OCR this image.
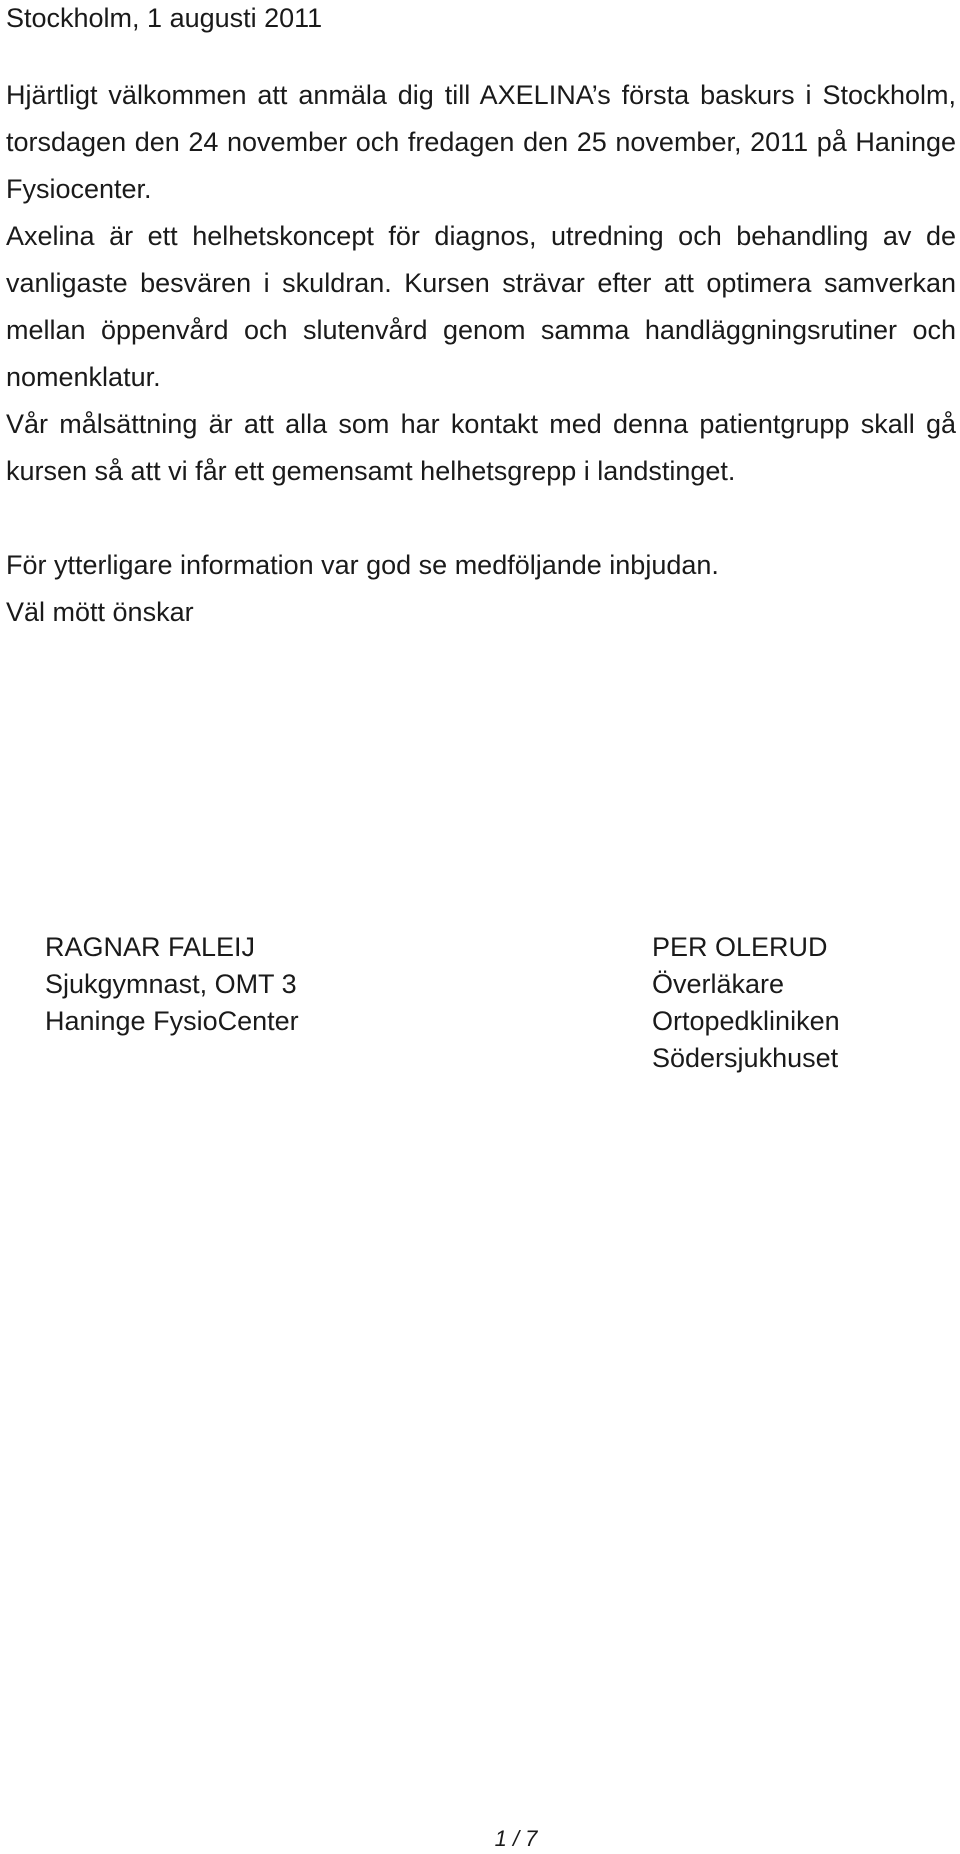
Stockholm, 1 augusti 2011

Hjärtligt välkommen att anmäla dig till AXELINA’s första baskurs i Stockholm, torsdagen den 24 november och fredagen den 25 november, 2011 på Haninge Fysiocenter.

Axelina är ett helhetskoncept för diagnos, utredning och behandling av de vanligaste besvären i skuldran. Kursen strävar efter att optimera samverkan mellan öppenvård och slutenvård genom samma handläggningsrutiner och nomenklatur.

Vår målsättning är att alla som har kontakt med denna patientgrupp skall gå kursen så att vi får ett gemensamt helhetsgrepp i landstinget.

För ytterligare information var god se medföljande inbjudan.

Väl mött önskar

RAGNAR FALEIJ
Sjukgymnast, OMT 3
Haninge FysioCenter
PER OLERUD
Överläkare
Ortopedkliniken
Södersjukhuset
1 / 7
